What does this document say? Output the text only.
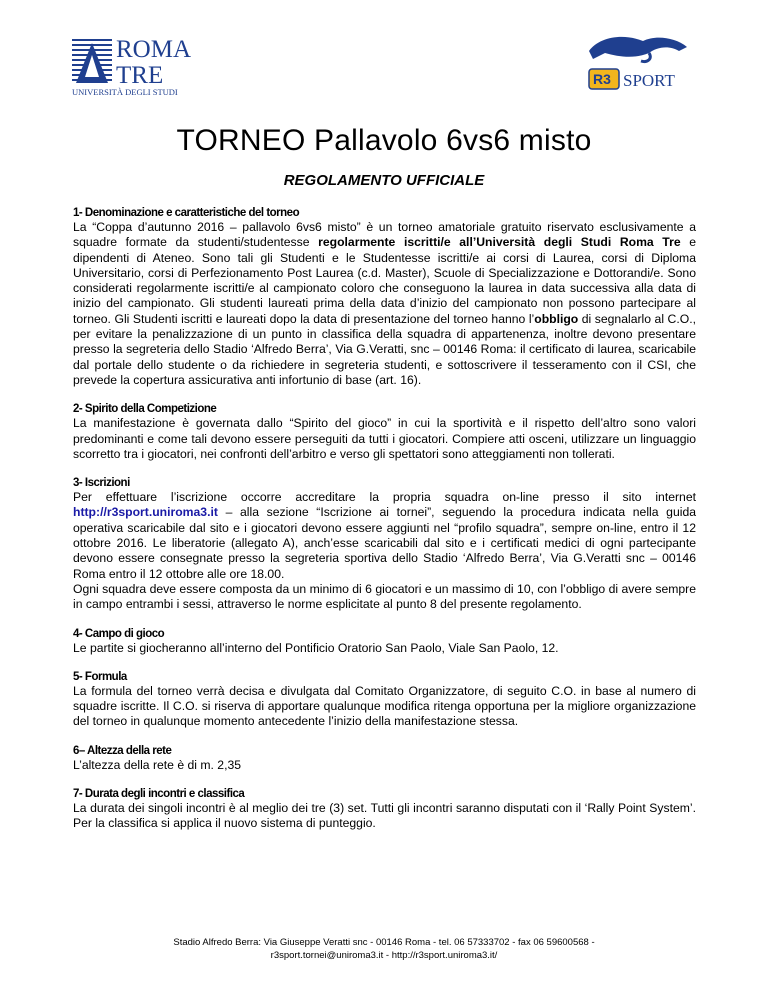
ROMA
TRE
UNIVERSITÀ DEGLI STUDI
R3 SPORT
TORNEO Pallavolo 6vs6 misto
REGOLAMENTO UFFICIALE
1- Denominazione e caratteristiche del torneo
La “Coppa d’autunno 2016 – pallavolo 6vs6 misto” è un torneo amatoriale gratuito riservato esclusivamente a squadre formate da studenti/studentesse regolarmente iscritti/e all’Università degli Studi Roma Tre e dipendenti di Ateneo. Sono tali gli Studenti e le Studentesse iscritti/e ai corsi di Laurea, corsi di Diploma Universitario, corsi di Perfezionamento Post Laurea (c.d. Master), Scuole di Specializzazione e Dottorandi/e. Sono considerati regolarmente iscritti/e al campionato coloro che conseguono la laurea in data successiva alla data di inizio del campionato. Gli studenti laureati prima della data d’inizio del campionato non possono partecipare al torneo. Gli Studenti iscritti e laureati dopo la data di presentazione del torneo hanno l’obbligo di segnalarlo al C.O., per evitare la penalizzazione di un punto in classifica della squadra di appartenenza, inoltre devono presentare presso la segreteria dello Stadio ‘Alfredo Berra’, Via G.Veratti, snc – 00146 Roma: il certificato di laurea, scaricabile dal portale dello studente o da richiedere in segreteria studenti, e sottoscrivere il tesseramento con il CSI, che prevede la copertura assicurativa anti infortunio di base (art. 16).
2- Spirito della Competizione
La manifestazione è governata dallo “Spirito del gioco” in cui la sportività e il rispetto dell’altro sono valori predominanti e come tali devono essere perseguiti da tutti i giocatori. Compiere atti osceni, utilizzare un linguaggio scorretto tra i giocatori, nei confronti dell’arbitro e verso gli spettatori sono atteggiamenti non tollerati.
3- Iscrizioni
Per effettuare l’iscrizione occorre accreditare la propria squadra on-line presso il sito internet http://r3sport.uniroma3.it – alla sezione “Iscrizione ai tornei”, seguendo la procedura indicata nella guida operativa scaricabile dal sito e i giocatori devono essere aggiunti nel “profilo squadra”, sempre on-line, entro il 12 ottobre 2016. Le liberatorie (allegato A), anch’esse scaricabili dal sito e i certificati medici di ogni partecipante devono essere consegnate presso la segreteria sportiva dello Stadio ‘Alfredo Berra’, Via G.Veratti snc – 00146 Roma entro il 12 ottobre alle ore 18.00.
Ogni squadra deve essere composta da un minimo di 6 giocatori e un massimo di 10, con l’obbligo di avere sempre in campo entrambi i sessi, attraverso le norme esplicitate al punto 8 del presente regolamento.
4- Campo di gioco
Le partite si giocheranno all’interno del Pontificio Oratorio San Paolo, Viale San Paolo, 12.
5- Formula
La formula del torneo verrà decisa e divulgata dal Comitato Organizzatore, di seguito C.O. in base al numero di squadre iscritte. Il C.O. si riserva di apportare qualunque modifica ritenga opportuna per la migliore organizzazione del torneo in qualunque momento antecedente l’inizio della manifestazione stessa.
6– Altezza della rete
L’altezza della rete è di m. 2,35
7- Durata degli incontri e classifica
La durata dei singoli incontri è al meglio dei tre (3) set. Tutti gli incontri saranno disputati con il ‘Rally Point System’. Per la classifica si applica il nuovo sistema di punteggio.
Stadio Alfredo Berra: Via Giuseppe Veratti snc - 00146 Roma - tel. 06 57333702 - fax 06 59600568 -
r3sport.tornei@uniroma3.it - http://r3sport.uniroma3.it/
